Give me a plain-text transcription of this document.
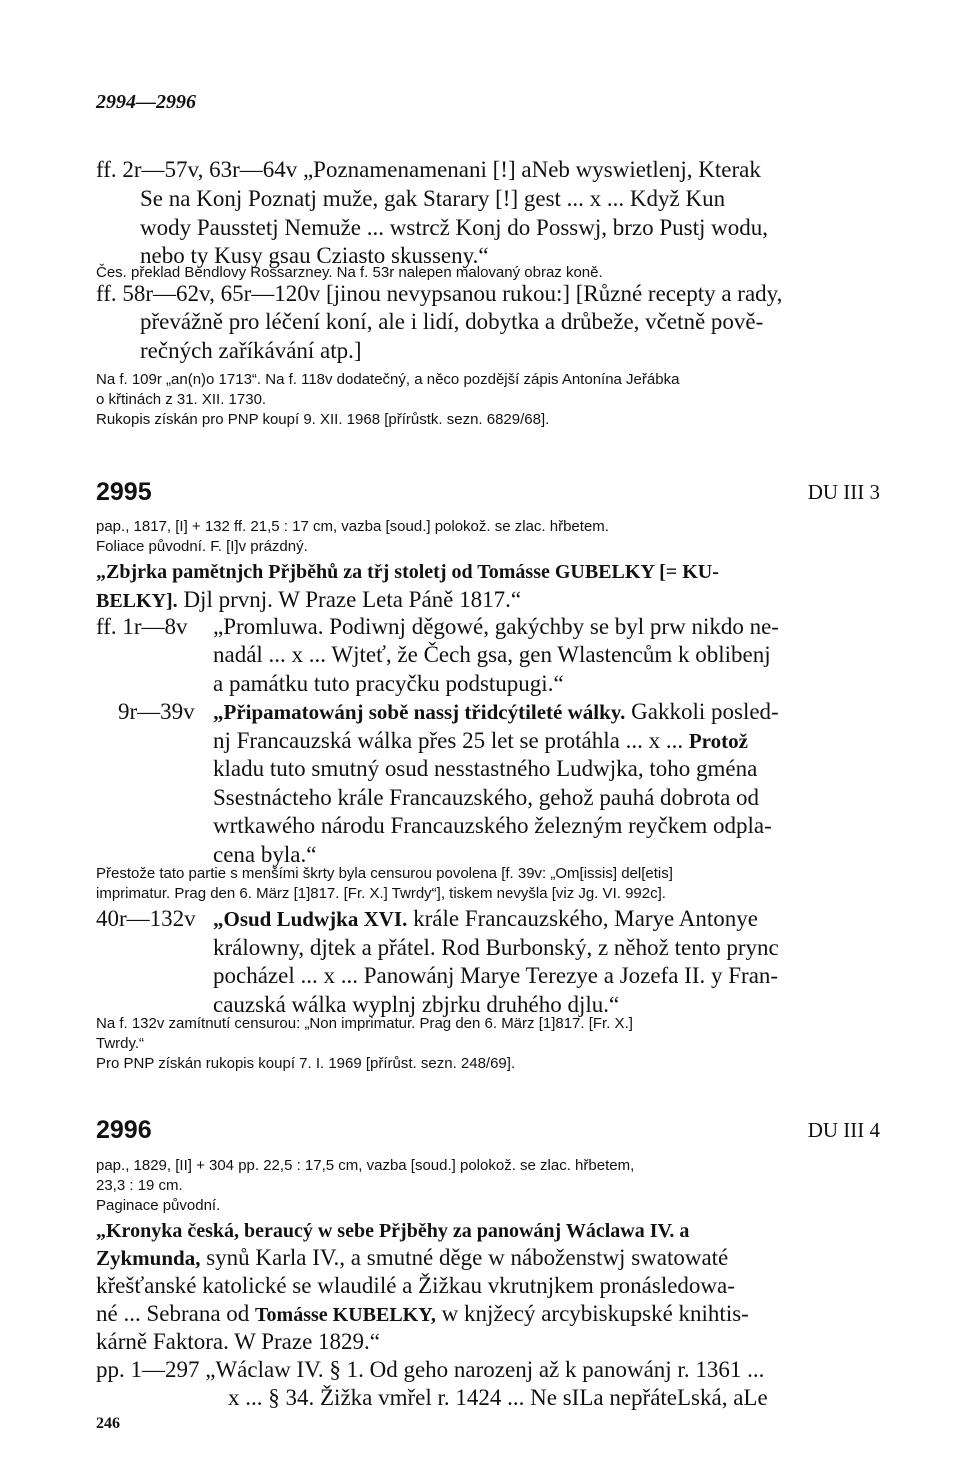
2994—2996
ff. 2r—57v, 63r—64v „Poznamenamenani [!] aNeb wyswietlenj, Kterak
Se na Konj Poznatj muže, gak Starary [!] gest ... x ... Když Kun
wody Pausstetj Nemuže ... wstrcž Konj do Posswj, brzo Pustj wodu,
nebo ty Kusy gsau Cziasto skusseny.“
Čes. překlad Bendlovy Rossarzney. Na f. 53r nalepen malovaný obraz koně.
ff. 58r—62v, 65r—120v [jinou nevypsanou rukou:] [Různé recepty a rady,
převážně pro léčení koní, ale i lidí, dobytka a drůbeže, včetně pově-
rečných zaříkávání atp.]
Na f. 109r „an(n)o 1713“. Na f. 118v dodatečný, a něco pozdější zápis Antonína Jeřábka
o křtinách z 31. XII. 1730.
Rukopis získán pro PNP koupí 9. XII. 1968 [přírůstk. sezn. 6829/68].
2995	DU III 3
pap., 1817, [I] + 132 ff. 21,5 : 17 cm, vazba [soud.] polokož. se zlac. hřbetem.
Foliace původní. F. [I]v prázdný.
„Zbjrka pamětnjch Přjběhů za třj stoletj od Tomásse GUBELKY [= KU-
BELKY]. Djl prvnj. W Praze Leta Páně 1817.“
ff. 1r—8v „Promluwa. Podiwnj děgowé, gakýchby se byl prw nikdo ne-
nadál ... x ... Wjteť, že Čech gsa, gen Wlastencům k oblibenj
a památku tuto pracyčku podstupugi.“
9r—39v „Připamatowánj sobě nassj třidcýtileté wálky. Gakkoli posled-
nj Francauzská wálka přes 25 let se protáhla ... x ... Protož
kladu tuto smutný osud nesstastného Ludwjka, toho gména
Ssestnácteho krále Francauzského, gehož pauhá dobrota od
wrtkawého národu Francauzského železným reyčkem odpla-
cena byla.“
Přestože tato partie s menšími škrty byla censurou povolena [f. 39v: „Om[issis] del[etis]
imprimatur. Prag den 6. März [1]817. [Fr. X.] Twrdy“], tiskem nevyšla [viz Jg. VI. 992c].
40r—132v „Osud Ludwjka XVI. krále Francauzského, Marye Antonye
králowny, djtek a přátel. Rod Burbonský, z něhož tento prync
pocházel ... x ... Panowánj Marye Terezye a Jozefa II. y Fran-
cauzská wálka wyplnj zbjrku druhého djlu.“
Na f. 132v zamítnutí censurou: „Non imprimatur. Prag den 6. März [1]817. [Fr. X.]
Twrdy.“
Pro PNP získán rukopis koupí 7. I. 1969 [přírůst. sezn. 248/69].
2996	DU III 4
pap., 1829, [II] + 304 pp. 22,5 : 17,5 cm, vazba [soud.] polokož. se zlac. hřbetem,
23,3 : 19 cm.
Paginace původní.
„Kronyka česká, beraucý w sebe Přjběhy za panowánj Wáclawa IV. a
Zykmunda, synů Karla IV., a smutné děge w náboženstwj swatowaté
křešťanské katolické se wlaudilé a Žižkau vkrutnjkem pronásledowa-
né ... Sebrana od Tomásse KUBELKY, w knjžecý arcybiskupské knihtis-
kárně Faktora. W Praze 1829.“
pp. 1—297 „Wáclaw IV. § 1. Od geho narozenj až k panowánj r. 1361 ...
x ... § 34. Žižka vmřel r. 1424 ... Ne sILa nepřáteLská, aLe
246
